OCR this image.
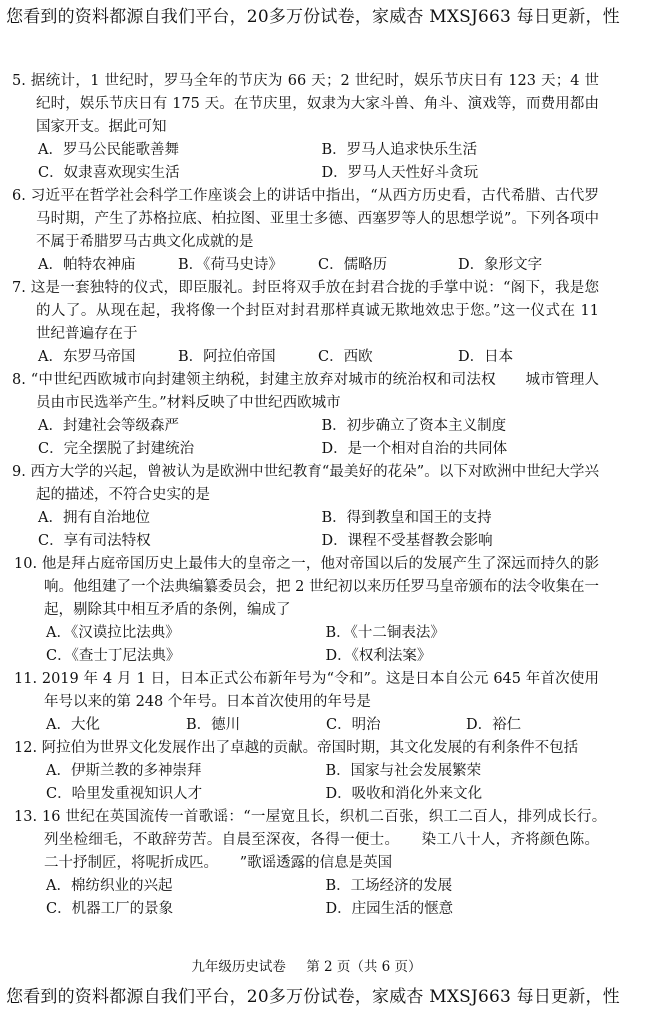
您看到的资料都源自我们平台，20多万份试卷，家威杏 MXSJ663 每日更新，性
5. 据统计，1 世纪时，罗马全年的节庆为 66 天；2 世纪时，娱乐节庆日有 123 天；4 世纪时，娱乐节庆日有 175 天。在节庆里，奴隶为大家斗兽、角斗、演戏等，而费用都由国家开支。据此可知
A．罗马公民能歌善舞	B．罗马人追求快乐生活
C．奴隶喜欢现实生活	D．罗马人天性好斗贪玩
6. 习近平在哲学社会科学工作座谈会上的讲话中指出，“从西方历史看，古代希腊、古代罗马时期，产生了苏格拉底、柏拉图、亚里士多德、西塞罗等人的思想学说”。下列各项中不属于希腊罗马古典文化成就的是
A．帕特农神庙	B．《荷马史诗》	C．儒略历	D．象形文字
7. 这是一套独特的仪式，即臣服礼。封臣将双手放在封君合拢的手掌中说：“阁下，我是您的人了。从现在起，我将像一个封臣对封君那样真诚无欺地效忠于您。”这一仪式在 11 世纪普遍存在于
A．东罗马帝国	B．阿拉伯帝国	C．西欧	D．日本
8. “中世纪西欧城市向封建领主纳税，封建主放弃对城市的统治权和司法权　　城市管理人员由市民选举产生。”材料反映了中世纪西欧城市
A．封建社会等级森严	B．初步确立了资本主义制度
C．完全摆脱了封建统治	D．是一个相对自治的共同体
9. 西方大学的兴起，曾被认为是欧洲中世纪教育“最美好的花朵”。以下对欧洲中世纪大学兴起的描述，不符合史实的是
A．拥有自治地位	B．得到教皇和国王的支持
C．享有司法特权	D．课程不受基督教会影响
10. 他是拜占庭帝国历史上最伟大的皇帝之一，他对帝国以后的发展产生了深远而持久的影响。他组建了一个法典编纂委员会，把 2 世纪初以来历任罗马皇帝颁布的法令收集在一起，剔除其中相互矛盾的条例，编成了
A．《汉谟拉比法典》	B．《十二铜表法》
C．《查士丁尼法典》	D．《权利法案》
11. 2019 年 4 月 1 日，日本正式公布新年号为“令和”。这是日本自公元 645 年首次使用年号以来的第 248 个年号。日本首次使用的年号是
A．大化	B．德川	C．明治	D．裕仁
12. 阿拉伯为世界文化发展作出了卓越的贡献。帝国时期，其文化发展的有利条件不包括
A．伊斯兰教的多神崇拜	B．国家与社会发展繁荣
C．哈里发重视知识人才	D．吸收和消化外来文化
13. 16 世纪在英国流传一首歌谣：“一屋宽且长，织机二百张，织工二百人，排列成长行。　　列坐检细毛，不敢辞劳苦。自晨至深夜，各得一便士。　　染工八十人，齐将颜色陈。二十抒制匠，将呢折成匹。　　”歌谣透露的信息是英国
A．棉纺织业的兴起	B．工场经济的发展
C．机器工厂的景象	D．庄园生活的惬意
九年级历史试卷 第 2 页（共 6 页）
您看到的资料都源自我们平台，20多万份试卷，家威杏 MXSJ663 每日更新，性
